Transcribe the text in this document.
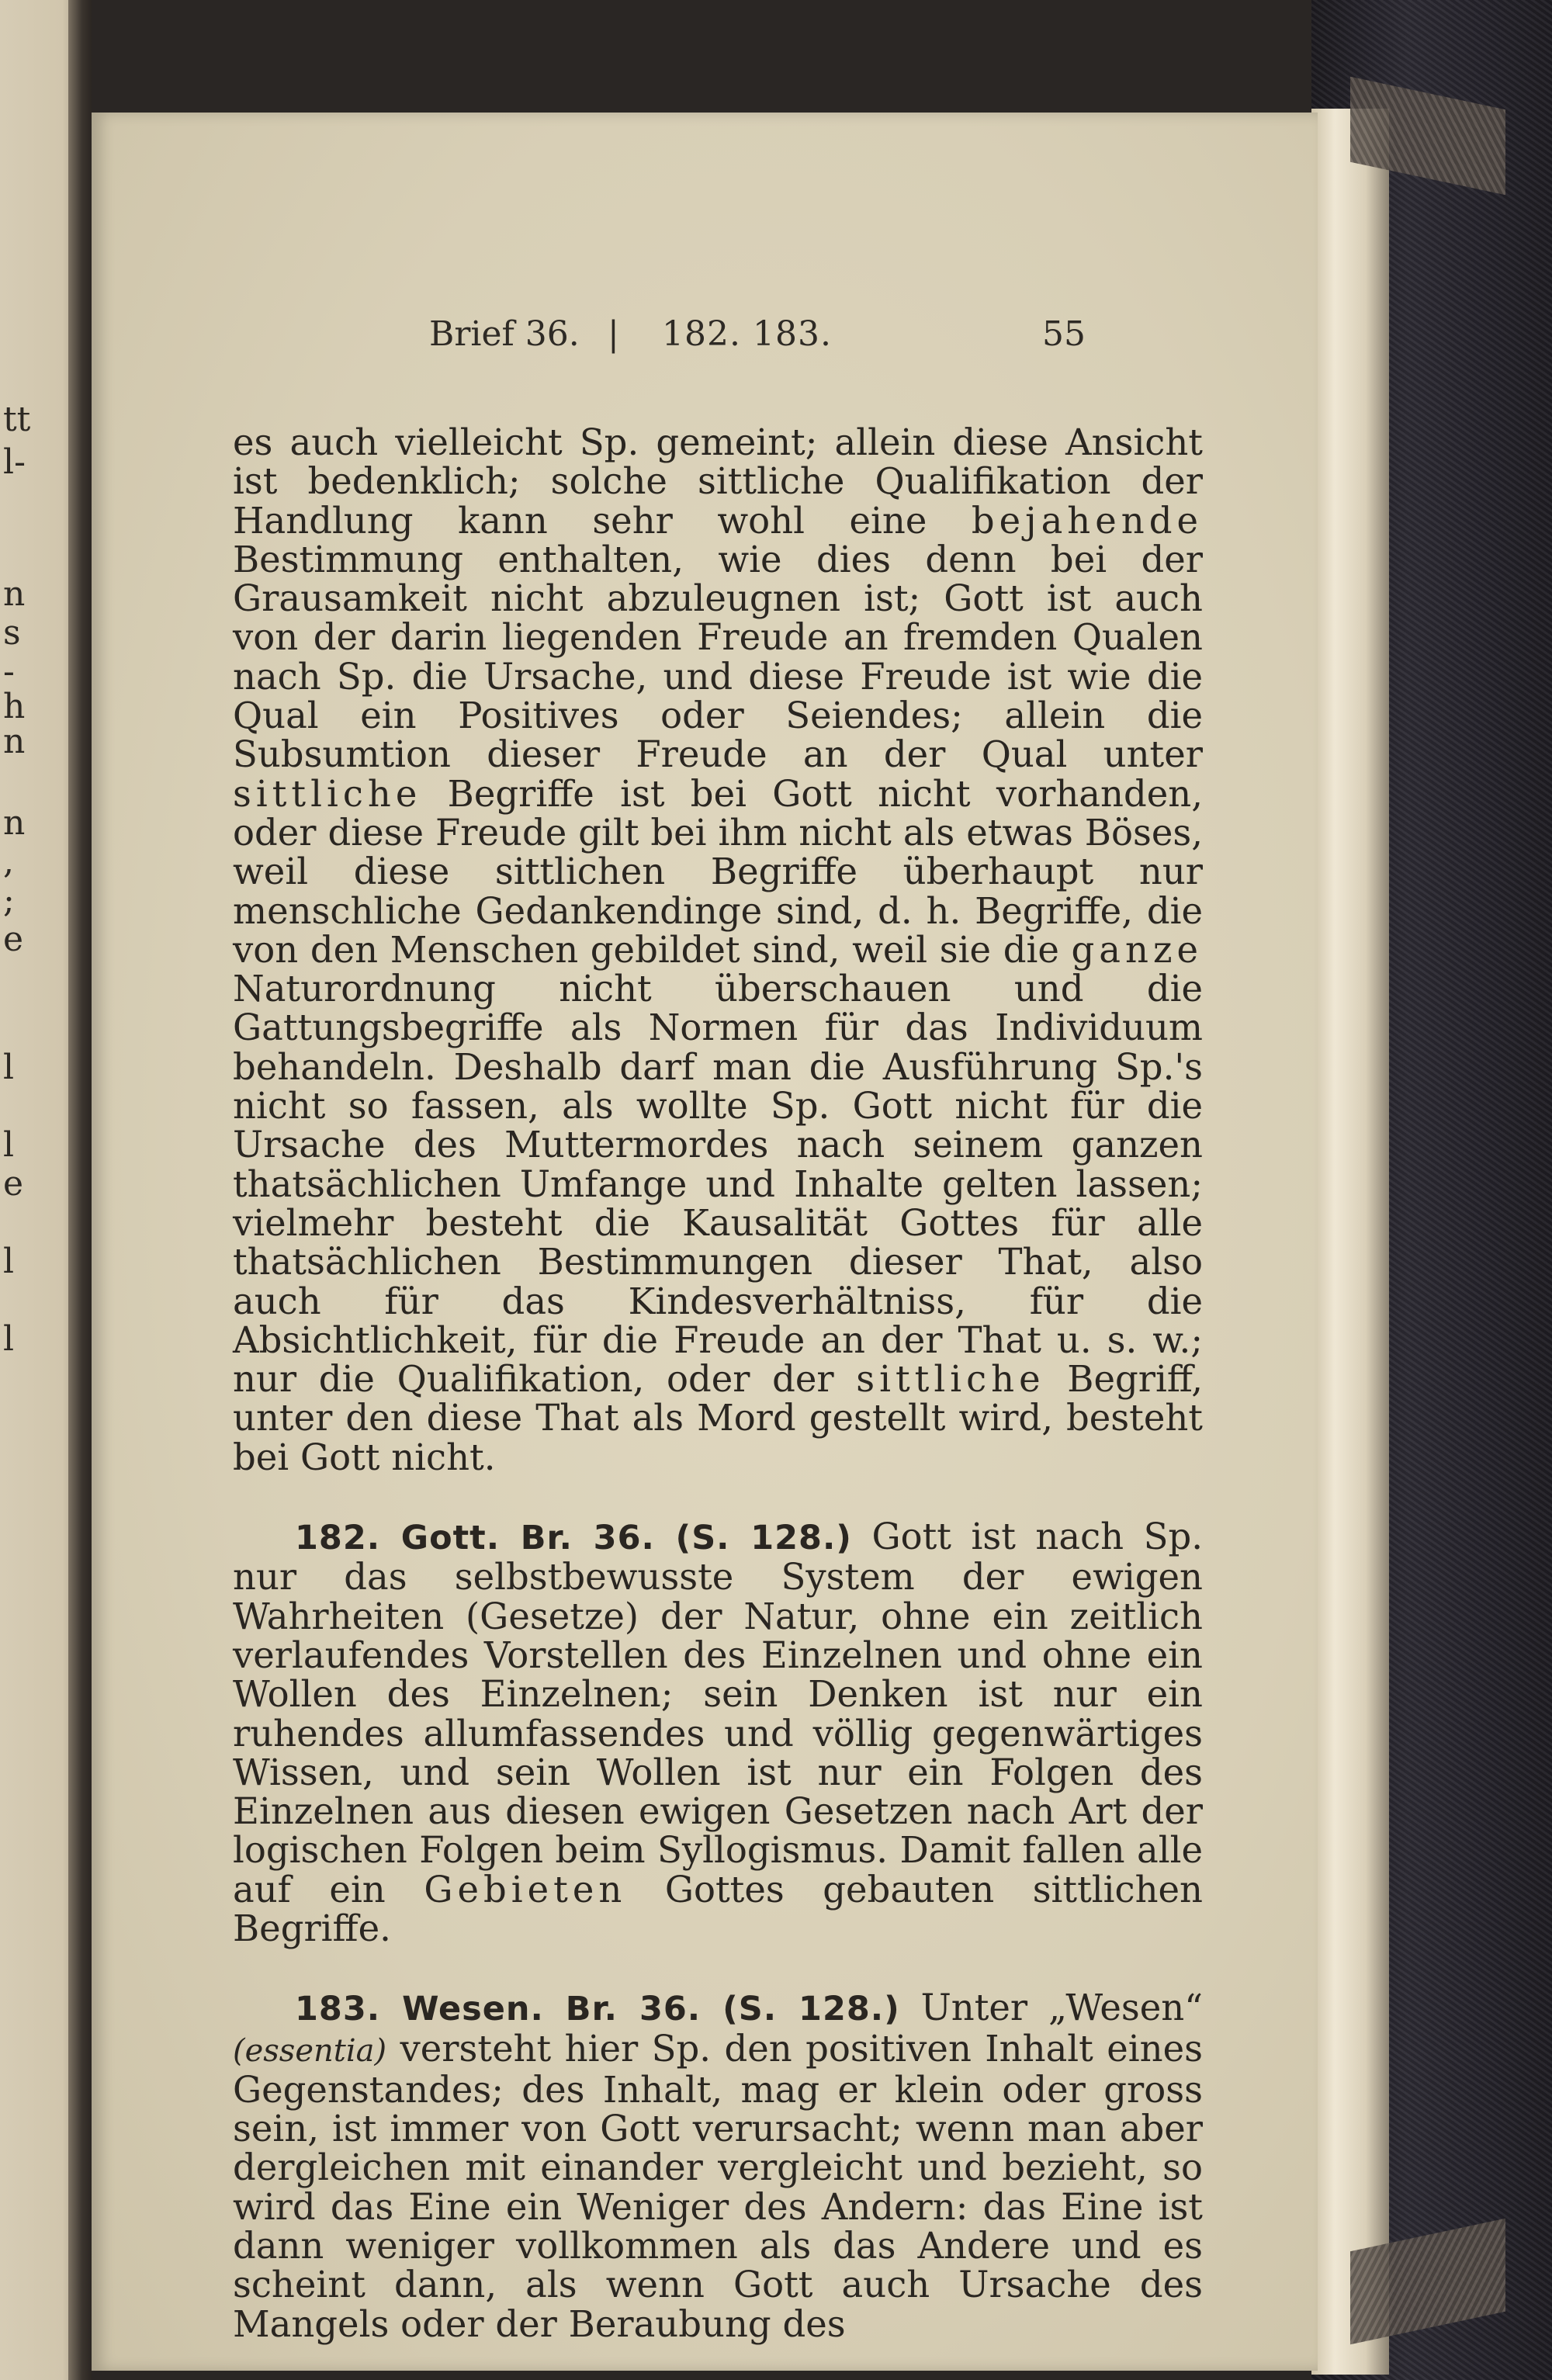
tt
l-
n
s
-
h
n
n
,
;
e
l
l
e
l
l
Brief 36. | 182. 183.	55

es auch vielleicht Sp. gemeint; allein diese Ansicht ist bedenklich; solche sittliche Qualifikation der Handlung kann sehr wohl eine bejahende Bestimmung enthalten, wie dies denn bei der Grausamkeit nicht abzuleugnen ist; Gott ist auch von der darin liegenden Freude an fremden Qualen nach Sp. die Ursache, und diese Freude ist wie die Qual ein Positives oder Seiendes; allein die Subsumtion dieser Freude an der Qual unter sittliche Begriffe ist bei Gott nicht vorhanden, oder diese Freude gilt bei ihm nicht als etwas Böses, weil diese sittlichen Begriffe überhaupt nur menschliche Gedankendinge sind, d. h. Begriffe, die von den Menschen gebildet sind, weil sie die ganze Naturordnung nicht überschauen und die Gattungsbegriffe als Normen für das Individuum behandeln. Deshalb darf man die Ausführung Sp.'s nicht so fassen, als wollte Sp. Gott nicht für die Ursache des Muttermordes nach seinem ganzen thatsächlichen Umfange und Inhalte gelten lassen; vielmehr besteht die Kausalität Gottes für alle thatsächlichen Bestimmungen dieser That, also auch für das Kindesverhältniss, für die Absichtlichkeit, für die Freude an der That u. s. w.; nur die Qualifikation, oder der sittliche Begriff, unter den diese That als Mord gestellt wird, besteht bei Gott nicht.

182. Gott. Br. 36. (S. 128.) Gott ist nach Sp. nur das selbstbewusste System der ewigen Wahrheiten (Gesetze) der Natur, ohne ein zeitlich verlaufendes Vorstellen des Einzelnen und ohne ein Wollen des Einzelnen; sein Denken ist nur ein ruhendes allumfassendes und völlig gegenwärtiges Wissen, und sein Wollen ist nur ein Folgen des Einzelnen aus diesen ewigen Gesetzen nach Art der logischen Folgen beim Syllogismus. Damit fallen alle auf ein Gebieten Gottes gebauten sittlichen Begriffe.

183. Wesen. Br. 36. (S. 128.) Unter „Wesen“ (essentia) versteht hier Sp. den positiven Inhalt eines Gegenstandes; des Inhalt, mag er klein oder gross sein, ist immer von Gott verursacht; wenn man aber dergleichen mit einander vergleicht und bezieht, so wird das Eine ein Weniger des Andern: das Eine ist dann weniger vollkommen als das Andere und es scheint dann, als wenn Gott auch Ursache des Mangels oder der Beraubung des
